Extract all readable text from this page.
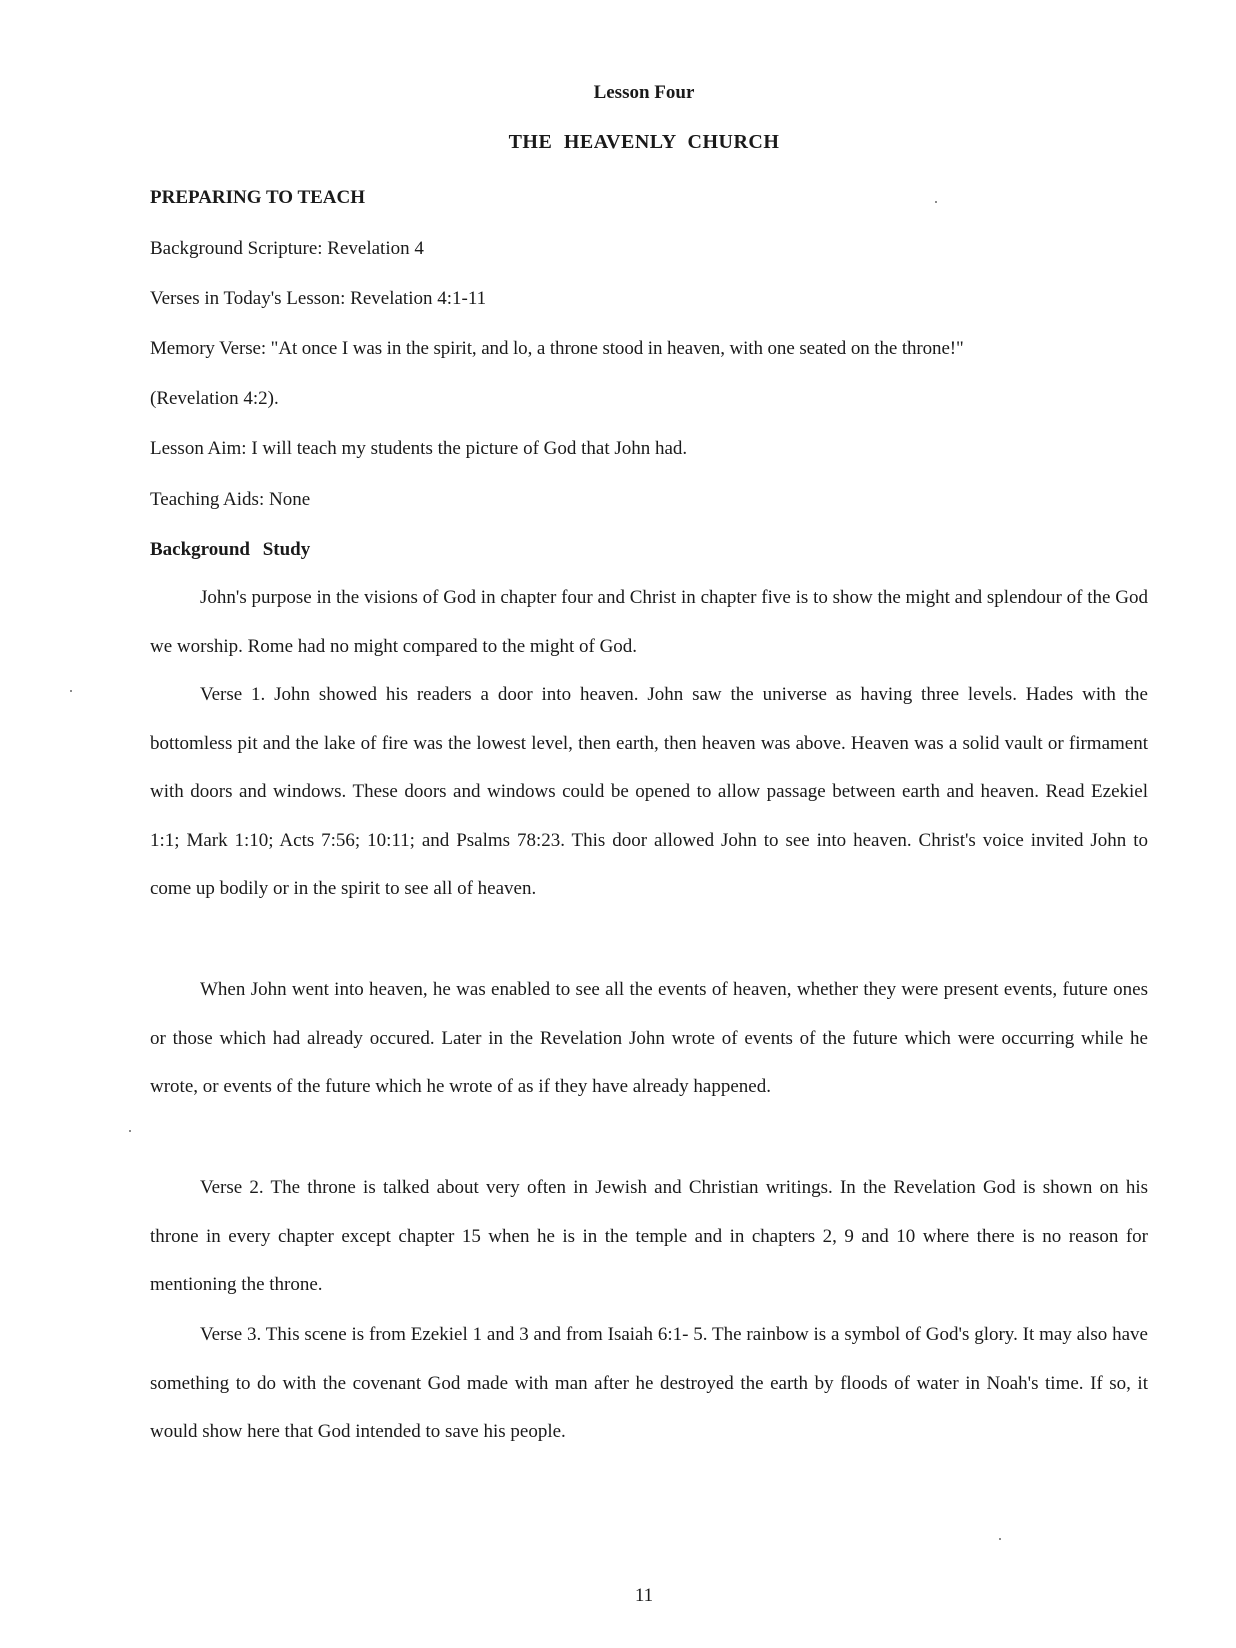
Lesson Four
THE HEAVENLY CHURCH
PREPARING TO TEACH
Background Scripture: Revelation 4
Verses in Today's Lesson: Revelation 4:1-11
Memory Verse: "At once I was in the spirit, and lo, a throne stood in heaven, with one seated on the throne!"
(Revelation 4:2).
Lesson Aim: I will teach my students the picture of God that John had.
Teaching Aids: None
Background Study
John's purpose in the visions of God in chapter four and Christ in chapter five is to show the might and splendour of the God we worship. Rome had no might compared to the might of God.
Verse 1. John showed his readers a door into heaven. John saw the universe as having three levels. Hades with the bottomless pit and the lake of fire was the lowest level, then earth, then heaven was above. Heaven was a solid vault or firmament with doors and windows. These doors and windows could be opened to allow passage between earth and heaven. Read Ezekiel 1:1; Mark 1:10; Acts 7:56; 10:11; and Psalms 78:23. This door allowed John to see into heaven. Christ's voice invited John to come up bodily or in the spirit to see all of heaven.
When John went into heaven, he was enabled to see all the events of heaven, whether they were present events, future ones or those which had already occured. Later in the Revelation John wrote of events of the future which were occurring while he wrote, or events of the future which he wrote of as if they have already happened.
Verse 2. The throne is talked about very often in Jewish and Christian writings. In the Revelation God is shown on his throne in every chapter except chapter 15 when he is in the temple and in chapters 2, 9 and 10 where there is no reason for mentioning the throne.
Verse 3. This scene is from Ezekiel 1 and 3 and from Isaiah 6:1- 5. The rainbow is a symbol of God's glory. It may also have something to do with the covenant God made with man after he destroyed the earth by floods of water in Noah's time. If so, it would show here that God intended to save his people.
11
